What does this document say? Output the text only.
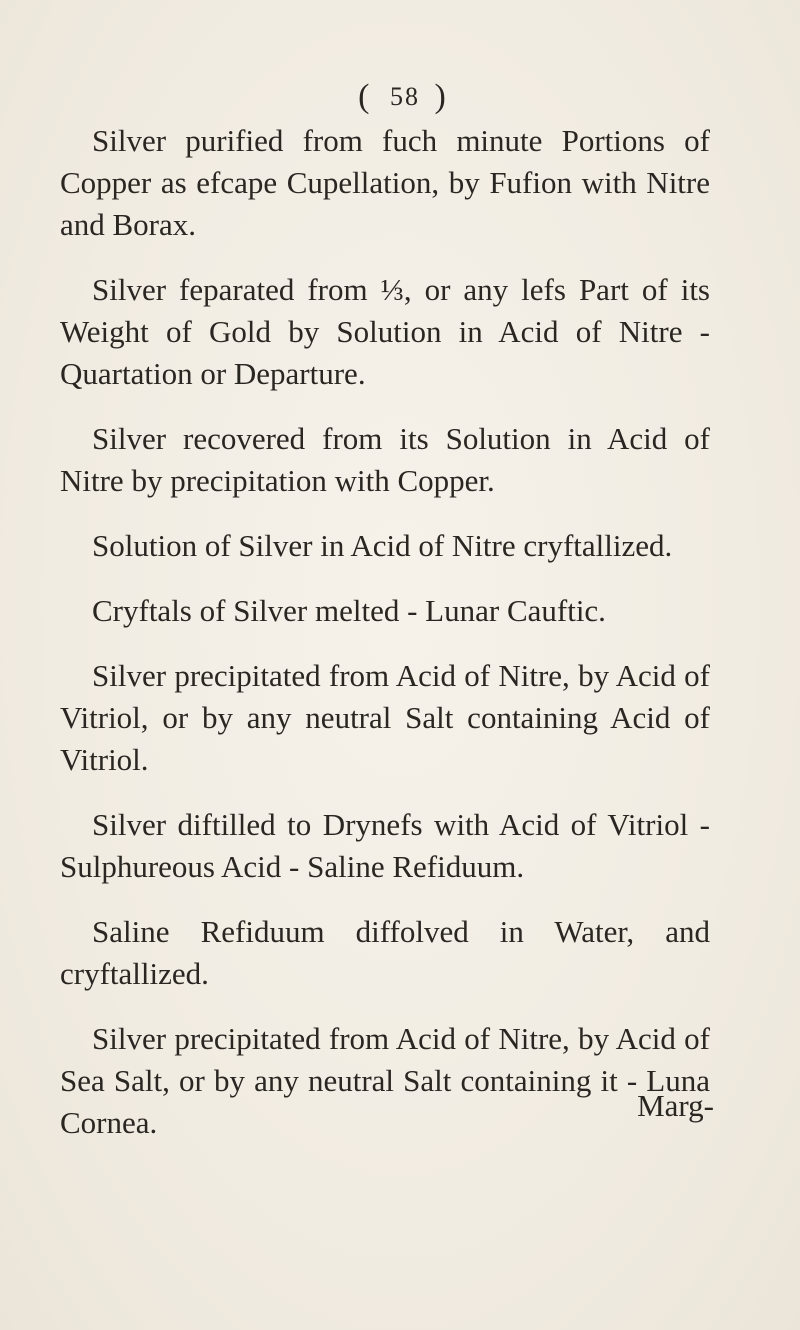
( 58 )

Silver purified from fuch minute Portions of Copper as efcape Cupellation, by Fufion with Nitre and Borax.

Silver feparated from ⅓, or any lefs Part of its Weight of Gold by Solution in Acid of Nitre - Quartation or Departure.

Silver recovered from its Solution in Acid of Nitre by precipitation with Copper.

Solution of Silver in Acid of Nitre cryftallized.

Cryftals of Silver melted - Lunar Cauftic.

Silver precipitated from Acid of Nitre, by Acid of Vitriol, or by any neutral Salt containing Acid of Vitriol.

Silver diftilled to Drynefs with Acid of Vitriol - Sulphureous Acid - Saline Refiduum.

Saline Refiduum diffolved in Water, and cryftallized.

Silver precipitated from Acid of Nitre, by Acid of Sea Salt, or by any neutral Salt containing it - Luna Cornea.	Marg-
